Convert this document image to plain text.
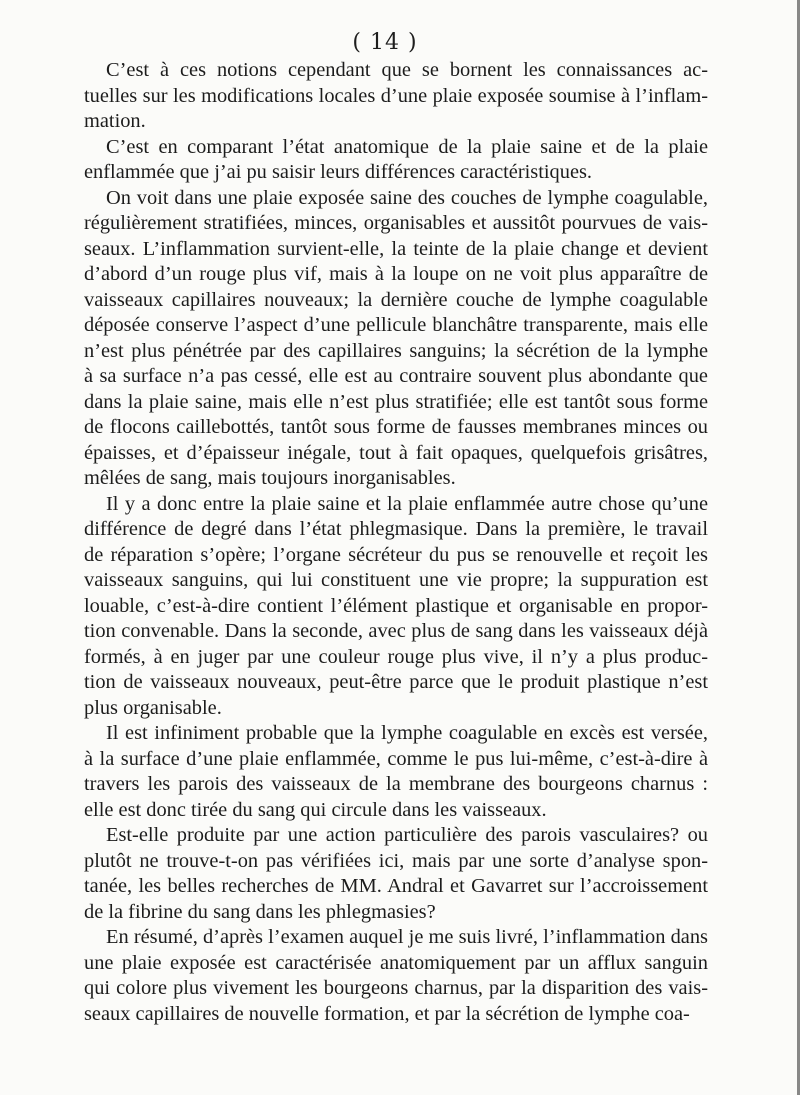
( 14 )
C’est à ces notions cependant que se bornent les connaissances ac-
tuelles sur les modifications locales d’une plaie exposée soumise à l’inflam-
mation.
C’est en comparant l’état anatomique de la plaie saine et de la plaie
enflammée que j’ai pu saisir leurs différences caractéristiques.
On voit dans une plaie exposée saine des couches de lymphe coagulable,
régulièrement stratifiées, minces, organisables et aussitôt pourvues de vais-
seaux. L’inflammation survient-elle, la teinte de la plaie change et devient
d’abord d’un rouge plus vif, mais à la loupe on ne voit plus apparaître de
vaisseaux capillaires nouveaux; la dernière couche de lymphe coagulable
déposée conserve l’aspect d’une pellicule blanchâtre transparente, mais elle
n’est plus pénétrée par des capillaires sanguins; la sécrétion de la lymphe
à sa surface n’a pas cessé, elle est au contraire souvent plus abondante que
dans la plaie saine, mais elle n’est plus stratifiée; elle est tantôt sous forme
de flocons caillebottés, tantôt sous forme de fausses membranes minces ou
épaisses, et d’épaisseur inégale, tout à fait opaques, quelquefois grisâtres,
mêlées de sang, mais toujours inorganisables.
Il y a donc entre la plaie saine et la plaie enflammée autre chose qu’une
différence de degré dans l’état phlegmasique. Dans la première, le travail
de réparation s’opère; l’organe sécréteur du pus se renouvelle et reçoit les
vaisseaux sanguins, qui lui constituent une vie propre; la suppuration est
louable, c’est-à-dire contient l’élément plastique et organisable en propor-
tion convenable. Dans la seconde, avec plus de sang dans les vaisseaux déjà
formés, à en juger par une couleur rouge plus vive, il n’y a plus produc-
tion de vaisseaux nouveaux, peut-être parce que le produit plastique n’est
plus organisable.
Il est infiniment probable que la lymphe coagulable en excès est versée,
à la surface d’une plaie enflammée, comme le pus lui-même, c’est-à-dire à
travers les parois des vaisseaux de la membrane des bourgeons charnus :
elle est donc tirée du sang qui circule dans les vaisseaux.
Est-elle produite par une action particulière des parois vasculaires? ou
plutôt ne trouve-t-on pas vérifiées ici, mais par une sorte d’analyse spon-
tanée, les belles recherches de MM. Andral et Gavarret sur l’accroissement
de la fibrine du sang dans les phlegmasies?
En résumé, d’après l’examen auquel je me suis livré, l’inflammation dans
une plaie exposée est caractérisée anatomiquement par un afflux sanguin
qui colore plus vivement les bourgeons charnus, par la disparition des vais-
seaux capillaires de nouvelle formation, et par la sécrétion de lymphe coa-
